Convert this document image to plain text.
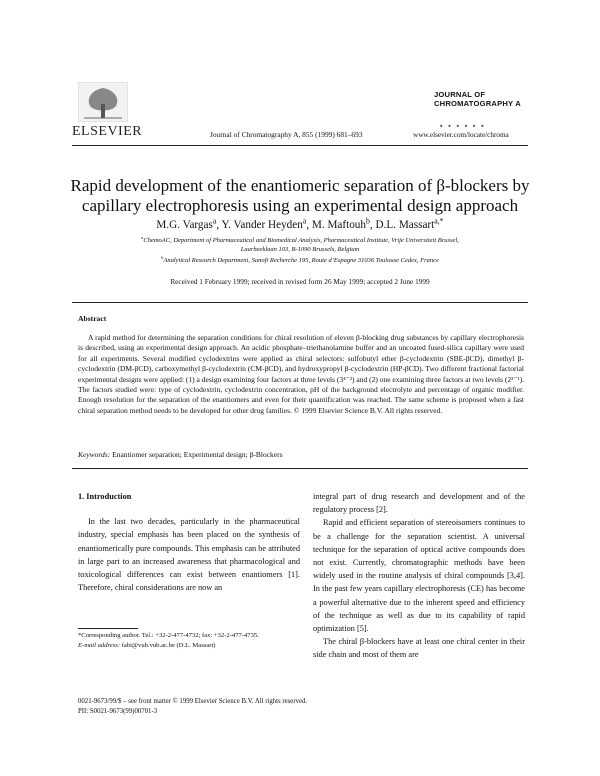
ELSEVIER	Journal of Chromatography A, 855 (1999) 681–693
JOURNAL OF
CHROMATOGRAPHY A
▪ ▪ ▪ ▪ ▪ ▪
www.elsevier.com/locate/chroma
Rapid development of the enantiomeric separation of β-blockers by capillary electrophoresis using an experimental design approach
M.G. Vargas$^a$, Y. Vander Heyden$^a$, M. Maftouh$^b$, D.L. Massart$^{a,*}$
$^a$ChemoAC, Department of Pharmaceutical and Biomedical Analysis, Pharmaceutical Institute, Vrije Universiteit Brussel,
Laarbeeklaan 103, B-1090 Brussels, Belgium
$^b$Analytical Research Department, Sanofi Recherche 195, Route d’Espagne 31036 Toulouse Cedex, France
Received 1 February 1999; received in revised form 26 May 1999; accepted 2 June 1999
Abstract
A rapid method for determining the separation conditions for chiral resolution of eleven β-blocking drug substances by capillary electrophoresis is described, using an experimental design approach. An acidic phosphate–triethanolamine buffer and an uncoated fused-silica capillary were used for all experiments. Several modified cyclodextrins were applied as chiral selectors: sulfobutyl ether β-cyclodextrin (SBE-βCD), dimethyl β-cyclodextrin (DM-βCD), carboxymethyl β-cyclodextrin (CM-βCD), and hydroxypropyl β-cyclodextrin (HP-βCD). Two different fractional factorial experimental designs were applied: (1) a design examining four factors at three levels (3⁴⁻²) and (2) one examining three factors at two levels (2³⁻¹). The factors studied were: type of cyclodextrin, cyclodextrin concentration, pH of the background electrolyte and percentage of organic modifier. Enough resolution for the separation of the enantiomers and even for their quantification was reached. The same scheme is proposed when a fast chiral separation method needs to be developed for other drug families. © 1999 Elsevier Science B.V. All rights reserved.
Keywords: Enantiomer separation; Experimental design; β-Blockers

1. Introduction

In the last two decades, particularly in the pharmaceutical industry, special emphasis has been placed on the synthesis of enantiomerically pure compounds. This emphasis can be attributed in large part to an increased awareness that pharmacological and toxicological differences can exist between enantiomers [1]. Therefore, chiral considerations are now an

integral part of drug research and development and of the regulatory process [2].

Rapid and efficient separation of stereoisomers continues to be a challenge for the separation scientist. A universal technique for the separation of optical active compounds does not exist. Currently, chromatographic methods have been widely used in the routine analysis of chiral compounds [3,4]. In the past few years capillary electrophoresis (CE) has become a powerful alternative due to the inherent speed and efficiency of the technique as well as due to its capability of rapid optimization [5].

The chiral β-blockers have at least one chiral center in their side chain and most of them are

*Corresponding author. Tel.: +32-2-477-4732; fax: +32-2-477-4735.
E-mail address: fabi@vub.vub.ac.be (D.L. Massart)
0021-9673/99/$ – see front matter © 1999 Elsevier Science B.V. All rights reserved.
PII: S0021-9673(99)00701-3
